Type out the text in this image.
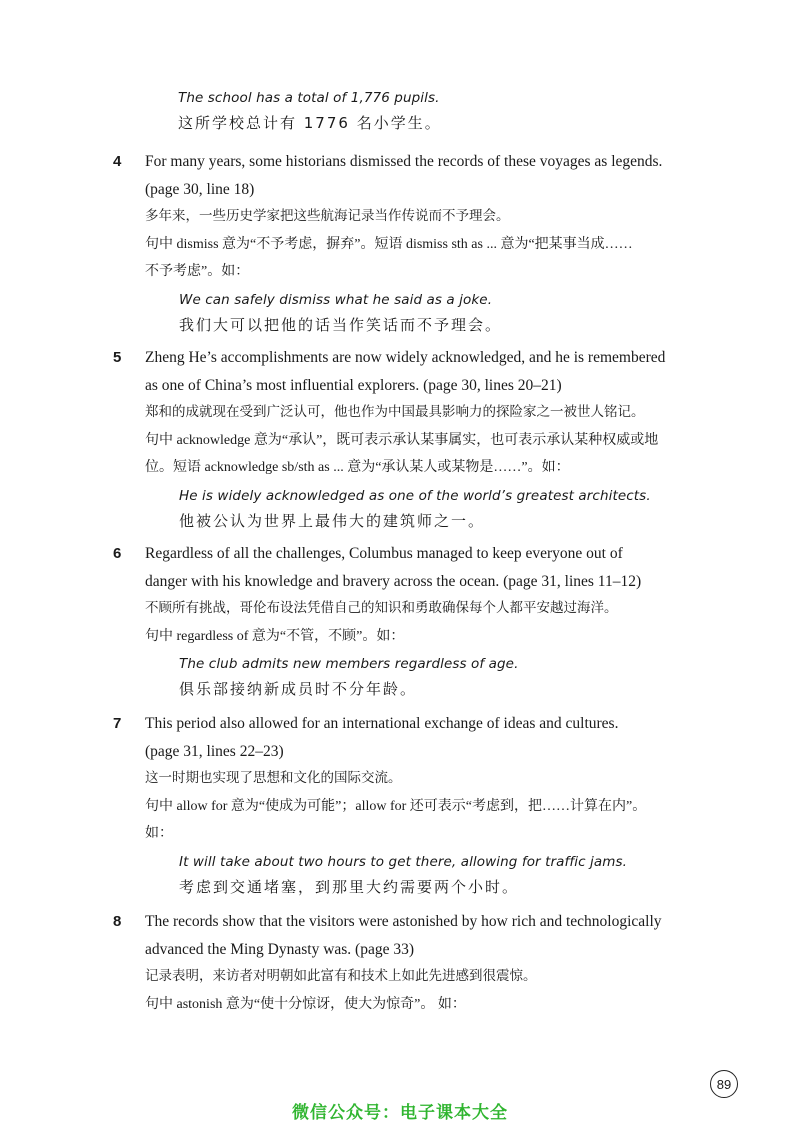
The school has a total of 1,776 pupils.
这所学校总计有 1776 名小学生。
4	For many years, some historians dismissed the records of these voyages as legends.
(page 30, line 18)
多年来，一些历史学家把这些航海记录当作传说而不予理会。
句中 dismiss 意为“不予考虑，摒弃”。短语 dismiss sth as ... 意为“把某事当成……
不予考虑”。如：
We can safely dismiss what he said as a joke.
我们大可以把他的话当作笑话而不予理会。
5	Zheng He’s accomplishments are now widely acknowledged, and he is remembered
as one of China’s most influential explorers. (page 30, lines 20–21)
郑和的成就现在受到广泛认可，他也作为中国最具影响力的探险家之一被世人铭记。
句中 acknowledge 意为“承认”，既可表示承认某事属实，也可表示承认某种权威或地
位。短语 acknowledge sb/sth as ... 意为“承认某人或某物是……”。如：
He is widely acknowledged as one of the world’s greatest architects.
他被公认为世界上最伟大的建筑师之一。
6	Regardless of all the challenges, Columbus managed to keep everyone out of
danger with his knowledge and bravery across the ocean. (page 31, lines 11–12)
不顾所有挑战，哥伦布设法凭借自己的知识和勇敢确保每个人都平安越过海洋。
句中 regardless of 意为“不管，不顾”。如：
The club admits new members regardless of age.
俱乐部接纳新成员时不分年龄。
7	This period also allowed for an international exchange of ideas and cultures.
(page 31, lines 22–23)
这一时期也实现了思想和文化的国际交流。
句中 allow for 意为“使成为可能”；allow for 还可表示“考虑到，把……计算在内”。
如：
It will take about two hours to get there, allowing for traffic jams.
考虑到交通堵塞，到那里大约需要两个小时。
8	The records show that the visitors were astonished by how rich and technologically
advanced the Ming Dynasty was. (page 33)
记录表明，来访者对明朝如此富有和技术上如此先进感到很震惊。
句中 astonish 意为“使十分惊讶，使大为惊奇”。 如：
89
微信公众号：电子课本大全
